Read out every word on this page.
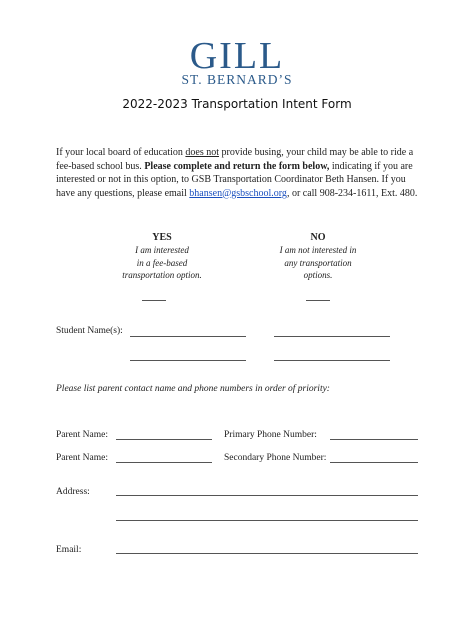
GILL
ST. BERNARD’S
2022-2023 Transportation Intent Form
If your local board of education does not provide busing, your child may be able to ride a fee-based school bus. Please complete and return the form below, indicating if you are interested or not in this option, to GSB Transportation Coordinator Beth Hansen. If you have any questions, please email bhansen@gsbschool.org, or call 908-234-1611, Ext. 480.
YES
I am interested
in a fee-based
transportation option.
NO
I am not interested in
any transportation
options.
Student Name(s):
Please list parent contact name and phone numbers in order of priority:
Parent Name:	Primary Phone Number:
Parent Name:	Secondary Phone Number:
Address:
Email:
